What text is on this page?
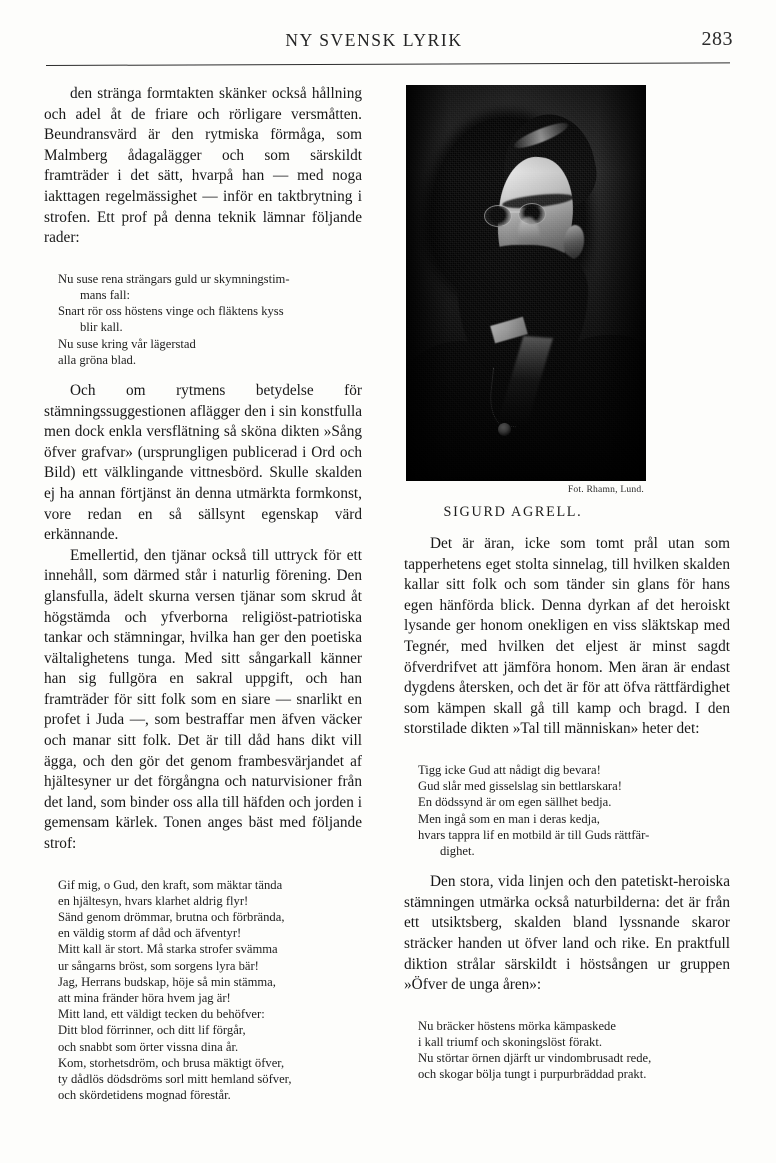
NY SVENSK LYRIK	283

den stränga formtakten skänker också hållning och adel åt de friare och rörligare versmåtten. Beundransvärd är den rytmiska förmåga, som Malmberg ådagalägger och som särskildt framträder i det sätt, hvarpå han — med noga iakttagen regelmässighet — inför en taktbrytning i strofen. Ett prof på denna teknik lämnar följande rader:

Nu suse rena strängars guld ur skymningstim-
mans fall:
Snart rör oss höstens vinge och fläktens kyss
blir kall.
Nu suse kring vår lägerstad
alla gröna blad.

Och om rytmens betydelse för stämningssuggestionen aflägger den i sin konstfulla men dock enkla versflätning så sköna dikten »Sång öfver grafvar» (ursprungligen publicerad i Ord och Bild) ett välklingande vittnesbörd. Skulle skalden ej ha annan förtjänst än denna utmärkta formkonst, vore redan en så sällsynt egenskap värd erkännande.

Emellertid, den tjänar också till uttryck för ett innehåll, som därmed står i naturlig förening. Den glansfulla, ädelt skurna versen tjänar som skrud åt högstämda och yfverborna religiöst-patriotiska tankar och stämningar, hvilka han ger den poetiska vältalighetens tunga. Med sitt sångarkall känner han sig fullgöra en sakral uppgift, och han framträder för sitt folk som en siare — snarlikt en profet i Juda —, som bestraffar men äfven väcker och manar sitt folk. Det är till dåd hans dikt vill ägga, och den gör det genom frambesvärjandet af hjältesyner ur det förgångna och naturvisioner från det land, som binder oss alla till häfden och jorden i gemensam kärlek. Tonen anges bäst med följande strof:

Gif mig, o Gud, den kraft, som mäktar tända
en hjältesyn, hvars klarhet aldrig flyr!
Sänd genom drömmar, brutna och förbrända,
en väldig storm af dåd och äfventyr!
Mitt kall är stort. Må starka strofer svämma
ur sångarns bröst, som sorgens lyra bär!
Jag, Herrans budskap, höje så min stämma,
att mina fränder höra hvem jag är!
Mitt land, ett väldigt tecken du behöfver:
Ditt blod förrinner, och ditt lif förgår,
och snabbt som örter vissna dina år.
Kom, storhetsdröm, och brusa mäktigt öfver,
ty dådlös dödsdröms sorl mitt hemland söfver,
och skördetidens mognad förestår.
Fot. Rhamn, Lund.
SIGURD AGRELL.

Det är äran, icke som tomt prål utan som tapperhetens eget stolta sinnelag, till hvilken skalden kallar sitt folk och som tänder sin glans för hans egen hänförda blick. Denna dyrkan af det heroiskt lysande ger honom onekligen en viss släktskap med Tegnér, med hvilken det eljest är minst sagdt öfverdrifvet att jämföra honom. Men äran är endast dygdens återsken, och det är för att öfva rättfärdighet som kämpen skall gå till kamp och bragd. I den storstilade dikten »Tal till människan» heter det:

Tigg icke Gud att nådigt dig bevara!
Gud slår med gisselslag sin bettlarskara!
En dödssynd är om egen sällhet bedja.
Men ingå som en man i deras kedja,
hvars tappra lif en motbild är till Guds rättfär-
dighet.

Den stora, vida linjen och den patetiskt-heroiska stämningen utmärka också naturbilderna: det är från ett utsiktsberg, skalden bland lyssnande skaror sträcker handen ut öfver land och rike. En praktfull diktion strålar särskildt i höstsången ur gruppen »Öfver de unga åren»:

Nu bräcker höstens mörka kämpaskede
i kall triumf och skoningslöst förakt.
Nu störtar örnen djärft ur vindombrusadt rede,
och skogar bölja tungt i purpurbräddad prakt.
